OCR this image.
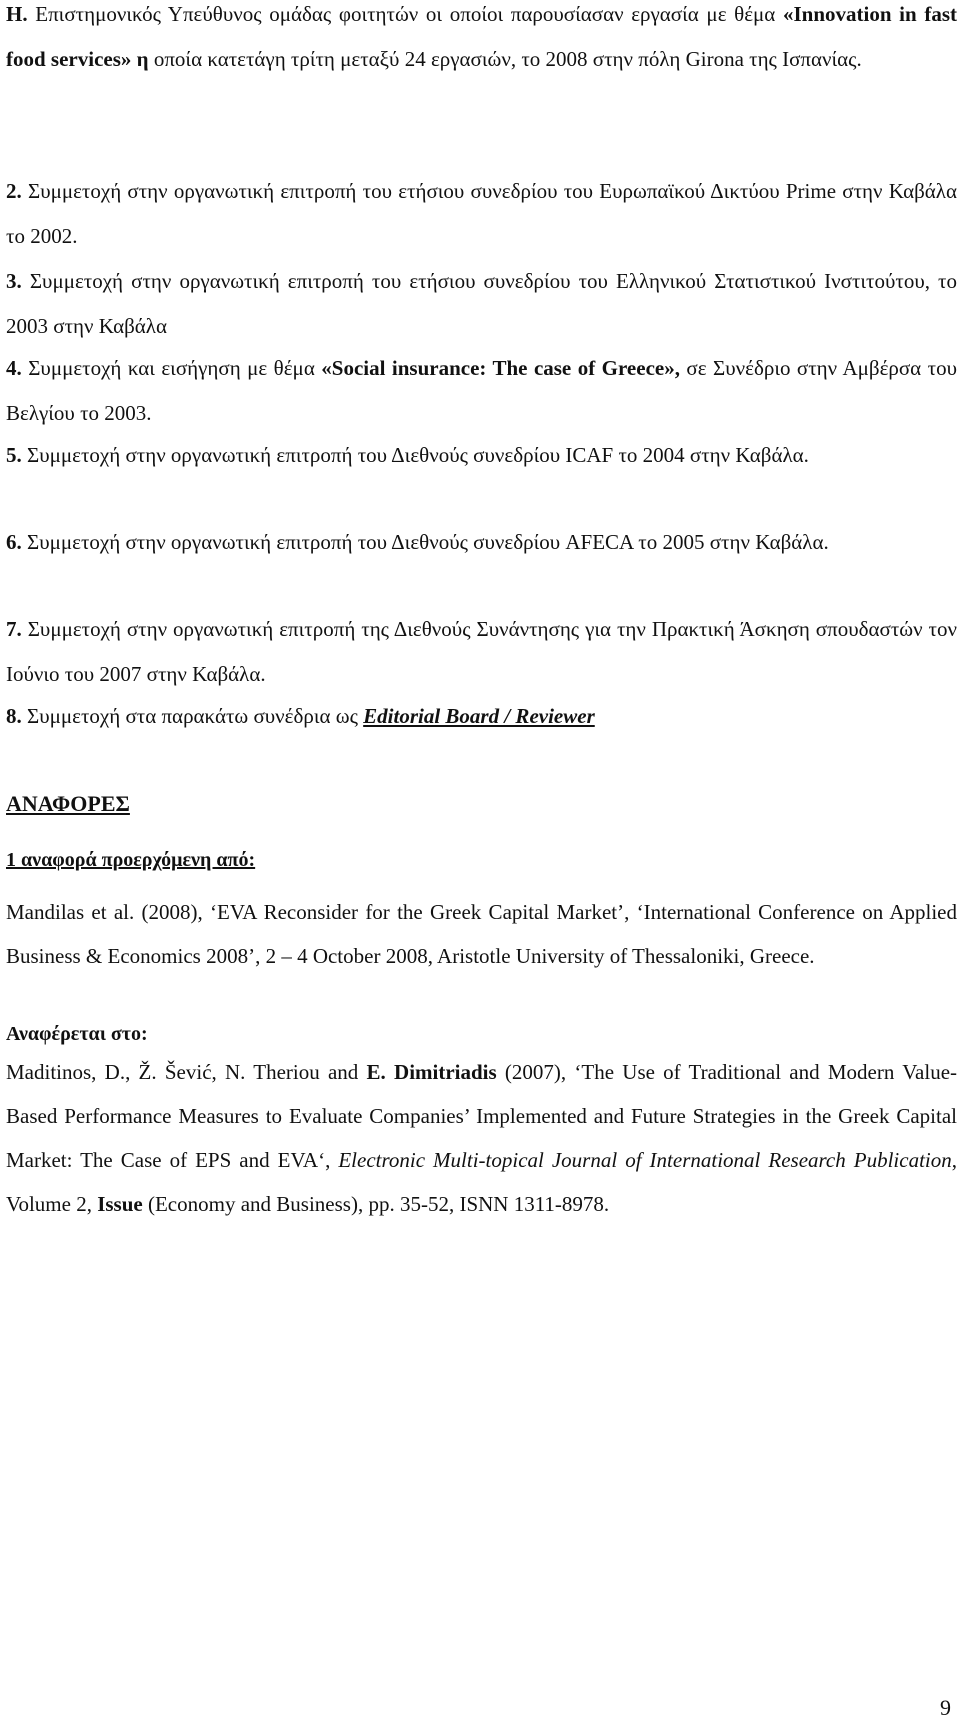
Η. Επιστημονικός Υπεύθυνος ομάδας φοιτητών οι οποίοι παρουσίασαν εργασία με θέμα «Innovation in fast food services» η οποία κατετάγη τρίτη μεταξύ 24 εργασιών, το 2008 στην πόλη Girona της Ισπανίας.

2. Συμμετοχή στην οργανωτική επιτροπή του ετήσιου συνεδρίου του Ευρωπαϊκού Δικτύου Prime στην Καβάλα το 2002.

3. Συμμετοχή στην οργανωτική επιτροπή του ετήσιου συνεδρίου του Ελληνικού Στατιστικού Ινστιτούτου, το 2003 στην Καβάλα

4. Συμμετοχή και εισήγηση με θέμα «Social insurance: The case of Greece», σε Συνέδριο στην Αμβέρσα του Βελγίου το 2003.

5. Συμμετοχή στην οργανωτική επιτροπή του Διεθνούς συνεδρίου ICAF το 2004 στην Καβάλα.

6. Συμμετοχή στην οργανωτική επιτροπή του Διεθνούς συνεδρίου AFECA το 2005 στην Καβάλα.

7. Συμμετοχή στην οργανωτική επιτροπή της Διεθνούς Συνάντησης για την Πρακτική Άσκηση σπουδαστών τον Ιούνιο του 2007 στην Καβάλα.

8. Συμμετοχή στα παρακάτω συνέδρια ως Editorial Board / Reviewer

ΑΝΑΦΟΡΕΣ
1 αναφορά προερχόμενη από:

Mandilas et al. (2008), ‘EVA Reconsider for the Greek Capital Market’, ‘International Conference on Applied Business & Economics 2008’, 2 – 4 October 2008, Aristotle University of Thessaloniki, Greece.

Αναφέρεται στο:

Maditinos, D., Ž. Šević, N. Theriou and E. Dimitriadis (2007), ‘The Use of Traditional and Modern Value-Based Performance Measures to Evaluate Companies’ Implemented and Future Strategies in the Greek Capital Market: The Case of EPS and EVA‘, Electronic Multi-topical Journal of International Research Publication, Volume 2, Issue (Economy and Business), pp. 35-52, ISNN 1311-8978.

9
